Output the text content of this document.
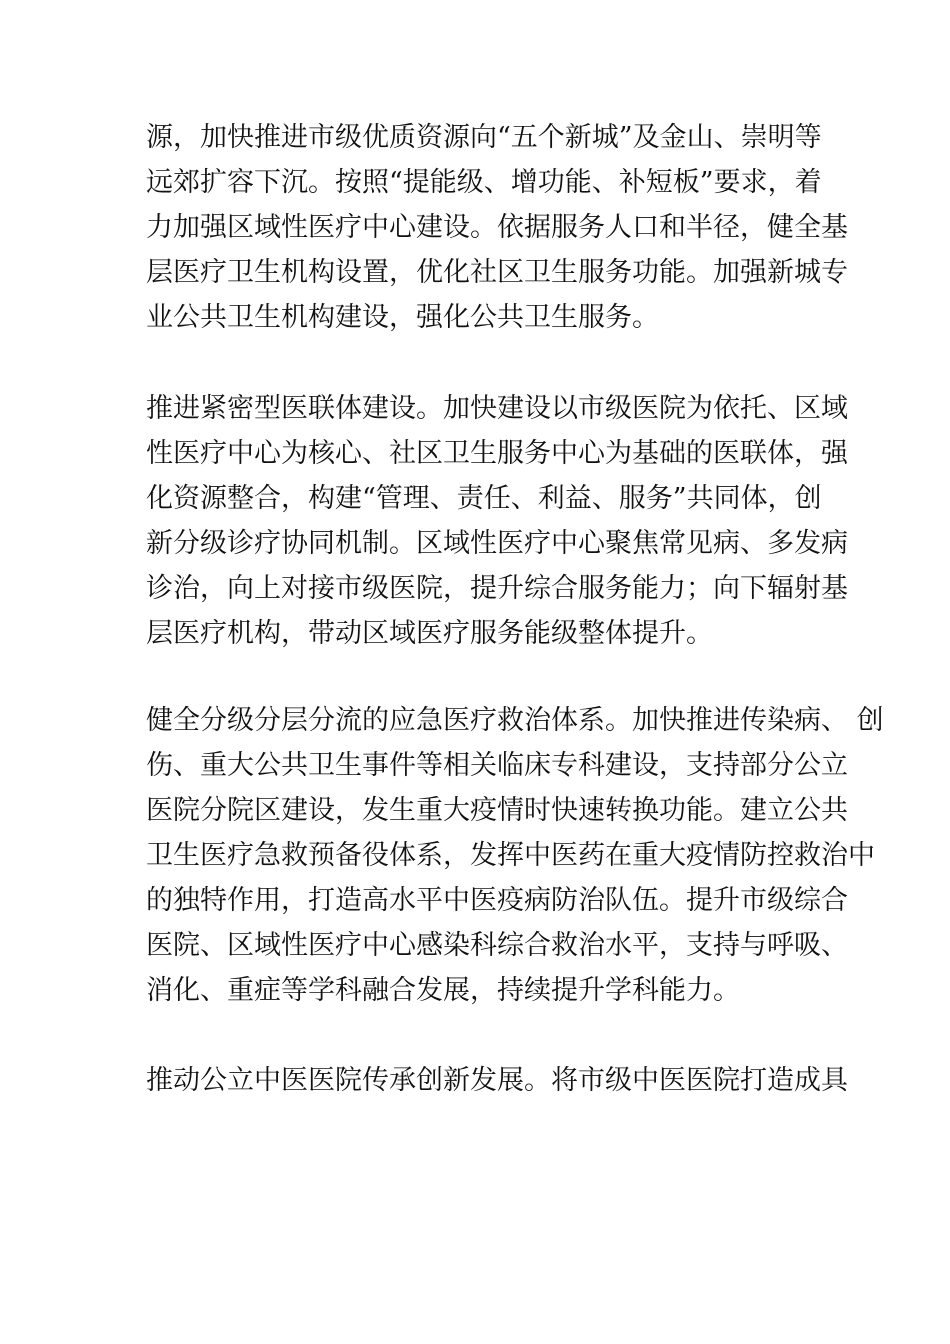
源，加快推进市级优质资源向“五个新城”及金山、崇明等
远郊扩容下沉。按照“提能级、增功能、补短板”要求，着
力加强区域性医疗中心建设。依据服务人口和半径，健全基
层医疗卫生机构设置，优化社区卫生服务功能。加强新城专
业公共卫生机构建设，强化公共卫生服务。
推进紧密型医联体建设。加快建设以市级医院为依托、区域
性医疗中心为核心、社区卫生服务中心为基础的医联体，强
化资源整合，构建“管理、责任、利益、服务”共同体，创
新分级诊疗协同机制。区域性医疗中心聚焦常见病、多发病
诊治，向上对接市级医院，提升综合服务能力；向下辐射基
层医疗机构，带动区域医疗服务能级整体提升。
健全分级分层分流的应急医疗救治体系。加快推进传染病、 创
伤、重大公共卫生事件等相关临床专科建设，支持部分公立
医院分院区建设，发生重大疫情时快速转换功能。建立公共
卫生医疗急救预备役体系，发挥中医药在重大疫情防控救治中
的独特作用，打造高水平中医疫病防治队伍。提升市级综合
医院、区域性医疗中心感染科综合救治水平，支持与呼吸、
消化、重症等学科融合发展，持续提升学科能力。
推动公立中医医院传承创新发展。将市级中医医院打造成具
